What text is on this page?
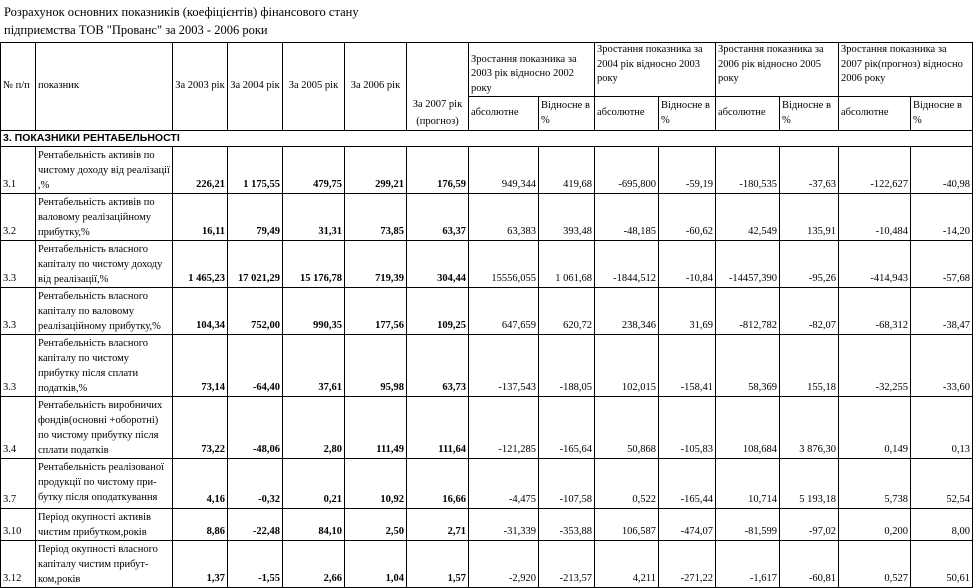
Розрахунок основних показників (коефіцієнтів) фінансового стану
підприємства ТОВ "Прованс" за 2003 - 2006 роки
№ п/п	показник	За 2003 рік	За 2004 рік	За 2005 рік	За 2006 рік	За 2007 рік (прогноз)	Зростання показника за 2003 рік відносно 2002 року		Зростання показника за 2004 рік відносно 2003 року		Зростання показника за 2006 рік відносно 2005 року		Зростання показника за 2007 рік(прогноз) відносно 2006 року	
							абсолютне	Відносне в %	абсолютне	Відносне в %	абсолютне	Відносне в %	абсолютне	Відносне в %
3. ПОКАЗНИКИ РЕНТАБЕЛЬНОСТІ														
3.1	Рентабельність активів по чистому доходу від реалізації ,%	226,21	1 175,55	479,75	299,21	176,59	949,344	419,68	-695,800	-59,19	-180,535	-37,63	-122,627	-40,98
3.2	Рентабельність активів по валовому реалізаційному прибутку,%	16,11	79,49	31,31	73,85	63,37	63,383	393,48	-48,185	-60,62	42,549	135,91	-10,484	-14,20
3.3	Рентабельність власного капіталу по чистому доходу від реалізації,%	1 465,23	17 021,29	15 176,78	719,39	304,44	15556,055	1 061,68	-1844,512	-10,84	-14457,390	-95,26	-414,943	-57,68
3.3	Рентабельність власного капіталу по валовому реалізаційному прибутку,%	104,34	752,00	990,35	177,56	109,25	647,659	620,72	238,346	31,69	-812,782	-82,07	-68,312	-38,47
3.3	Рентабельність власного капіталу по чистому прибутку після сплати податків,%	73,14	-64,40	37,61	95,98	63,73	-137,543	-188,05	102,015	-158,41	58,369	155,18	-32,255	-33,60
3.4	Рентабельність виробничих фондів(основні +оборотні) по чистому прибутку після сплати податків	73,22	-48,06	2,80	111,49	111,64	-121,285	-165,64	50,868	-105,83	108,684	3 876,30	0,149	0,13
3.7	Рентабельність реалізованої продукції по чистому при-бутку після оподаткування	4,16	-0,32	0,21	10,92	16,66	-4,475	-107,58	0,522	-165,44	10,714	5 193,18	5,738	52,54
3.10	Період окупності активів чистим прибутком,років	8,86	-22,48	84,10	2,50	2,71	-31,339	-353,88	106,587	-474,07	-81,599	-97,02	0,200	8,00
3.12	Період окупності власного капіталу чистим прибут-ком,років	1,37	-1,55	2,66	1,04	1,57	-2,920	-213,57	4,211	-271,22	-1,617	-60,81	0,527	50,61
